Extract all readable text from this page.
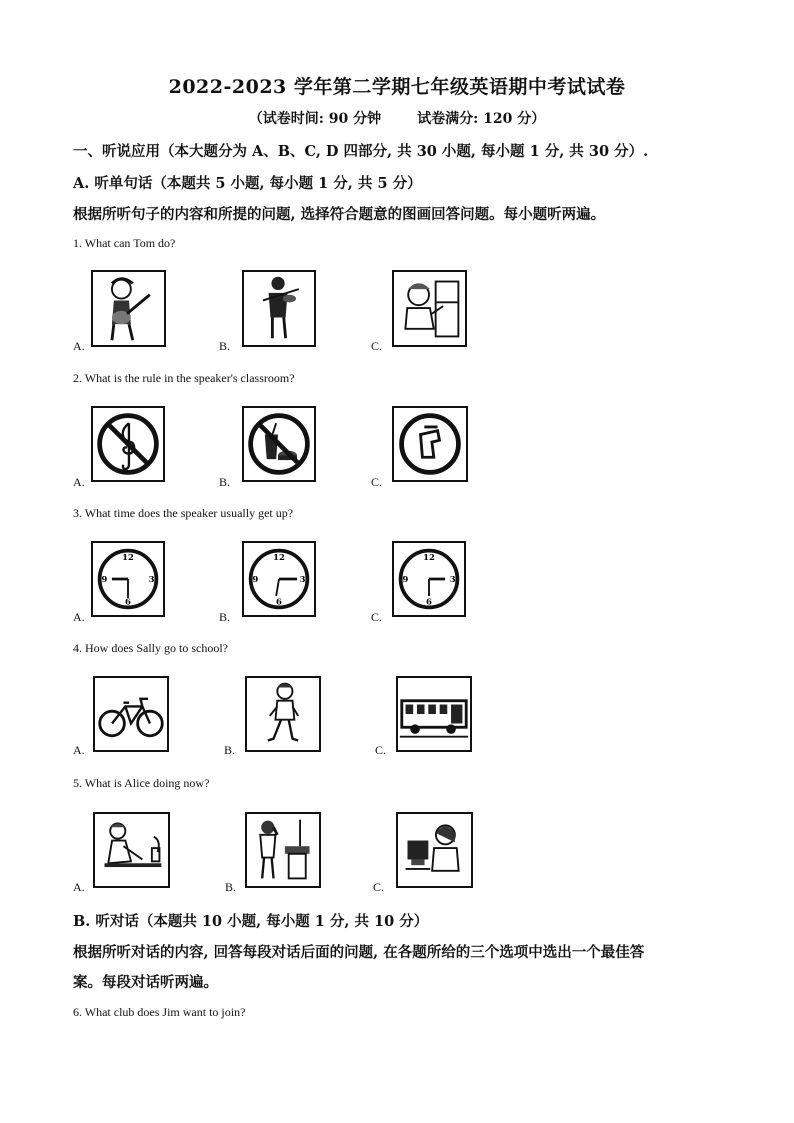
2022-2023 学年第二学期七年级英语期中考试试卷
（试卷时间: 90 分钟	试卷满分: 120 分）
一、听说应用（本大题分为 A、B、C, D 四部分, 共 30 小题, 每小题 1 分, 共 30 分）.
A. 听单句话（本题共 5 小题, 每小题 1 分, 共 5 分）
根据所听句子的内容和所提的问题, 选择符合题意的图画回答问题。每小题听两遍。
1. What can Tom do?
A.	B.	C.
2. What is the rule in the speaker's classroom?
A.	B.	C.
3. What time does the speaker usually get up?
A.
12
3
6
9
B.
12
3
6
9
C.
12
3
6
9
4. How does Sally go to school?
A.	B.	C.
5. What is Alice doing now?
A.	B.	C.
B. 听对话（本题共 10 小题, 每小题 1 分, 共 10 分）
根据所听对话的内容, 回答每段对话后面的问题, 在各题所给的三个选项中选出一个最佳答
案。每段对话听两遍。
6. What club does Jim want to join?
